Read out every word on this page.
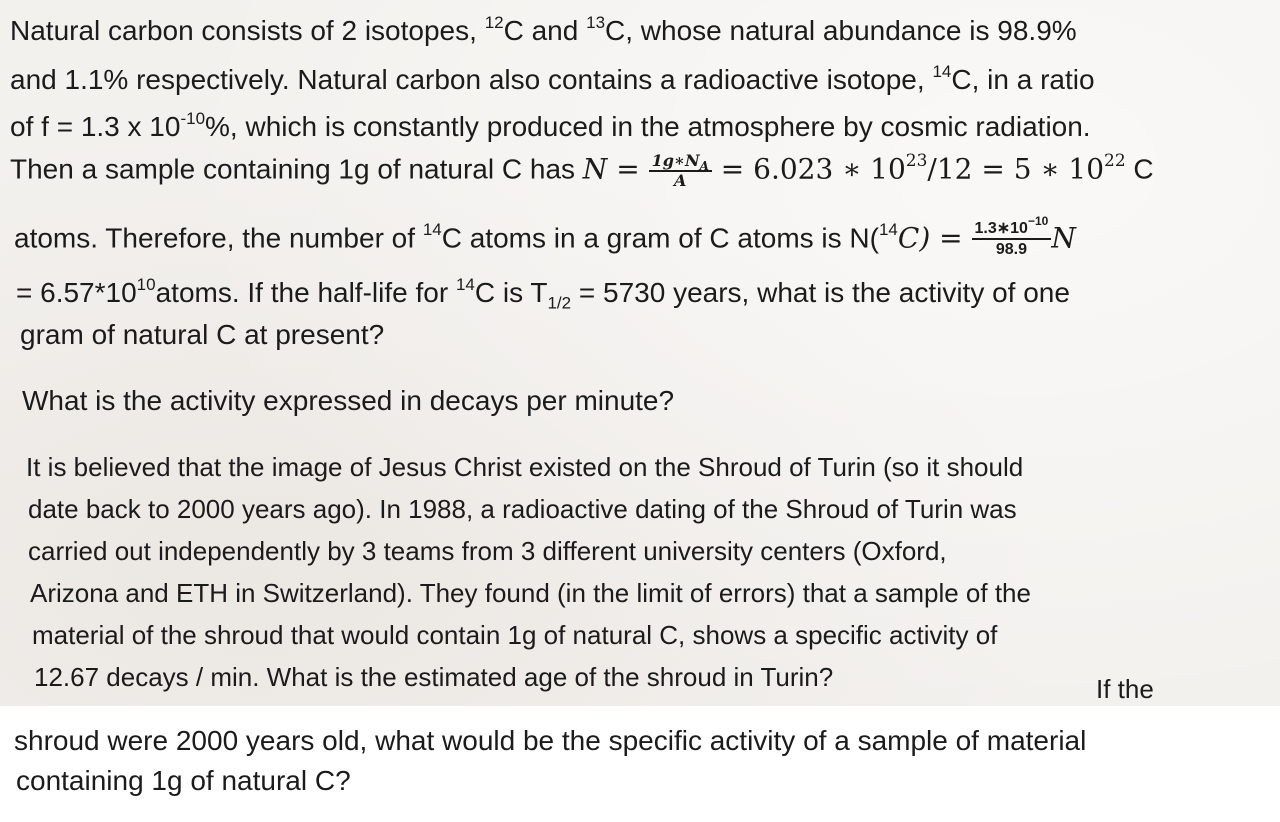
Natural carbon consists of 2 isotopes, $^{12}$C and $^{13}$C, whose natural abundance is 98.9%
and 1.1% respectively. Natural carbon also contains a radioactive isotope, $^{14}$C, in a ratio
of f = 1.3 x $10^{-10}\%$, which is constantly produced in the atmosphere by cosmic radiation.
Then a sample containing 1g of natural C has $N = \frac{1g∗N_A}{A} = 6.023$ ∗ $10^{23}/12 = 5$ ∗ $10^{22}$ C
atoms. Therefore, the number of $^{14}$C atoms in a gram of C atoms is $N(^{14}C) = \frac{1.3∗10^{-10}}{98.9}$ N
= $6.57*10^{10}atoms$. If the half-life for $^{14}$C is $T_{1/2} = 5730$ years, what is the activity of one
gram of natural C at present?
What is the activity expressed in decays per minute?
It is believed that the image of Jesus Christ existed on the Shroud of Turin (so it should
date back to 2000 years ago). In 1988, a radioactive dating of the Shroud of Turin was
carried out independently by 3 teams from 3 different university centers (Oxford,
Arizona and ETH in Switzerland). They found (in the limit of errors) that a sample of the
material of the shroud that would contain 1g of natural C, shows a specific activity of
12.67 decays / min. What is the estimated age of the shroud in Turin?	If the
shroud were 2000 years old, what would be the specific activity of a sample of material
containing 1g of natural C?
